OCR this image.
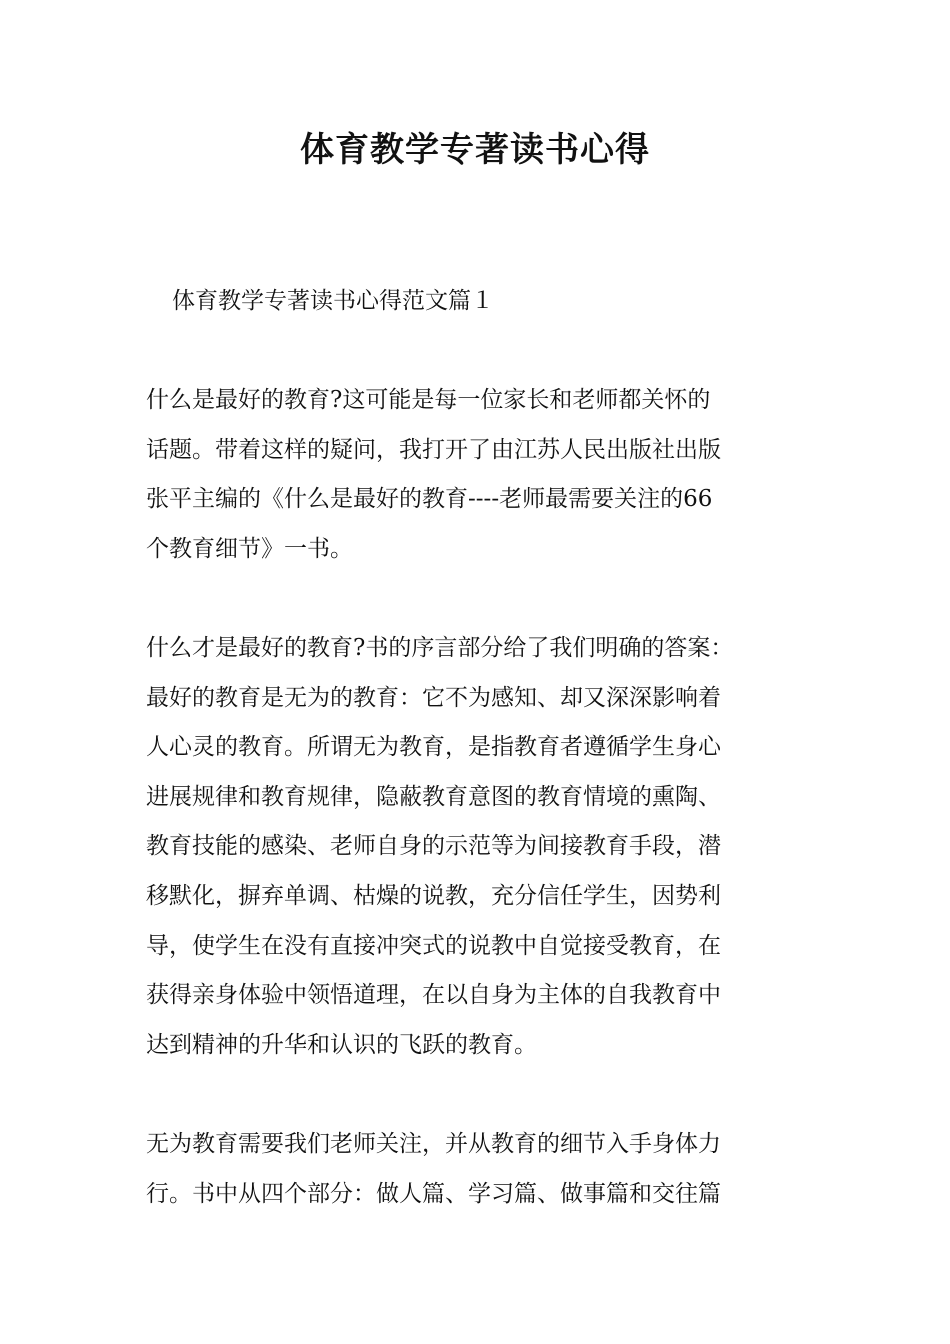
体育教学专著读书心得

体育教学专著读书心得范文篇１

什么是最好的教育?这可能是每一位家长和老师都关怀的
话题。带着这样的疑问，我打开了由江苏人民出版社出版
张平主编的《什么是最好的教育----老师最需要关注的66
个教育细节》一书。
什么才是最好的教育?书的序言部分给了我们明确的答案：
最好的教育是无为的教育：它不为感知、却又深深影响着
人心灵的教育。所谓无为教育，是指教育者遵循学生身心
进展规律和教育规律，隐蔽教育意图的教育情境的熏陶、
教育技能的感染、老师自身的示范等为间接教育手段，潜
移默化，摒弃单调、枯燥的说教，充分信任学生，因势利
导，使学生在没有直接冲突式的说教中自觉接受教育，在
获得亲身体验中领悟道理，在以自身为主体的自我教育中
达到精神的升华和认识的飞跃的教育。
无为教育需要我们老师关注，并从教育的细节入手身体力
行。书中从四个部分：做人篇、学习篇、做事篇和交往篇
